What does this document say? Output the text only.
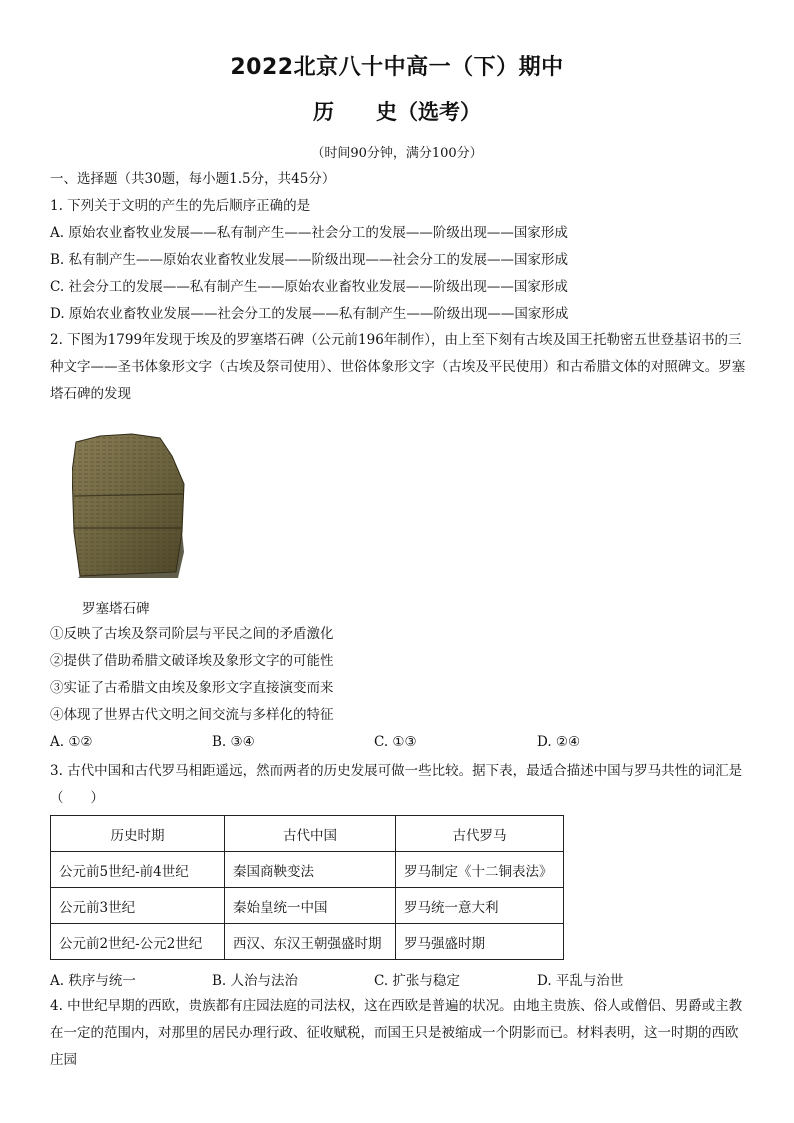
2022北京八十中高一（下）期中
历　　史（选考）
（时间90分钟，满分100分）
一、选择题（共30题，每小题1.5分，共45分）
1. 下列关于文明的产生的先后顺序正确的是
A. 原始农业畜牧业发展——私有制产生——社会分工的发展——阶级出现——国家形成
B. 私有制产生——原始农业畜牧业发展——阶级出现——社会分工的发展——国家形成
C. 社会分工的发展——私有制产生——原始农业畜牧业发展——阶级出现——国家形成
D. 原始农业畜牧业发展——社会分工的发展——私有制产生——阶级出现——国家形成
2. 下图为1799年发现于埃及的罗塞塔石碑（公元前196年制作），由上至下刻有古埃及国王托勒密五世登基诏书的三种文字——圣书体象形文字（古埃及祭司使用）、世俗体象形文字（古埃及平民使用）和古希腊文体的对照碑文。罗塞塔石碑的发现
罗塞塔石碑
①反映了古埃及祭司阶层与平民之间的矛盾激化
②提供了借助希腊文破译埃及象形文字的可能性
③实证了古希腊文由埃及象形文字直接演变而来
④体现了世界古代文明之间交流与多样化的特征
A. ①②	B. ③④	C. ①③	D. ②④
3. 古代中国和古代罗马相距遥远，然而两者的历史发展可做一些比较。据下表，最适合描述中国与罗马共性的词汇是（　　）
历史时期	古代中国	古代罗马
公元前5世纪-前4世纪	秦国商鞅变法	罗马制定《十二铜表法》
公元前3世纪	秦始皇统一中国	罗马统一意大利
公元前2世纪-公元2世纪	西汉、东汉王朝强盛时期	罗马强盛时期
A. 秩序与统一	B. 人治与法治	C. 扩张与稳定	D. 平乱与治世
4. 中世纪早期的西欧，贵族都有庄园法庭的司法权，这在西欧是普遍的状况。由地主贵族、俗人或僧侣、男爵或主教在一定的范围内，对那里的居民办理行政、征收赋税，而国王只是被缩成一个阴影而已。材料表明，这一时期的西欧庄园
